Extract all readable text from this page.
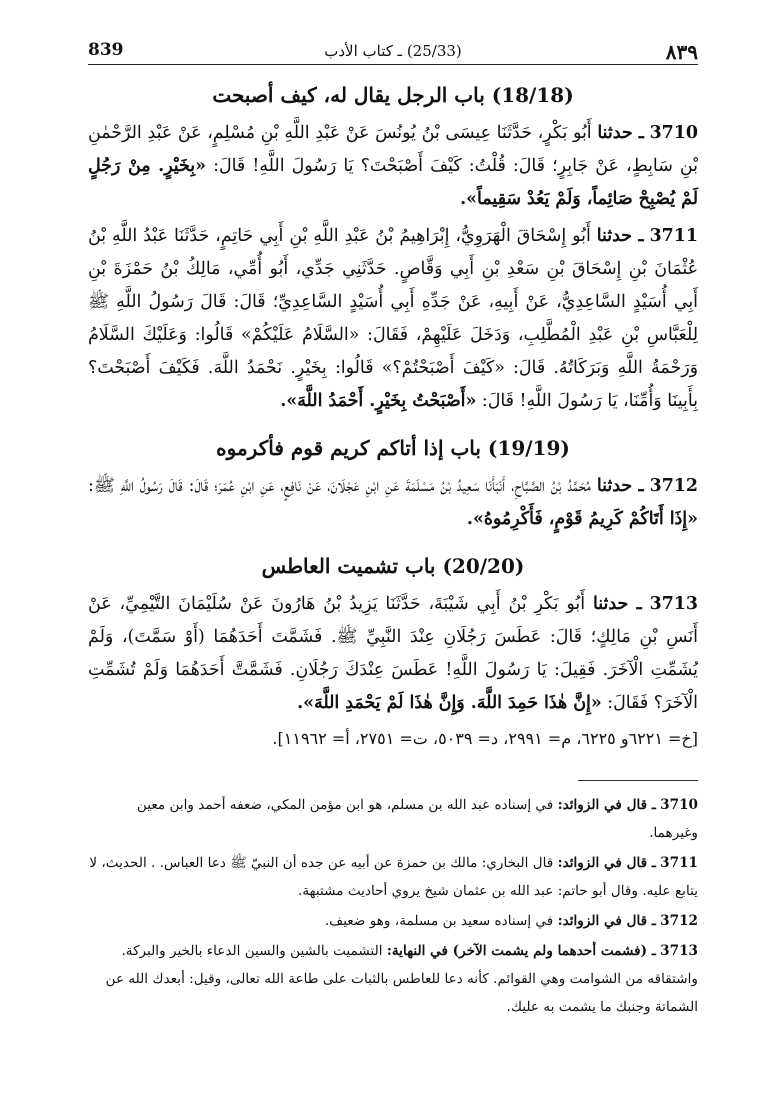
٨٣٩
(25/33) ـ كتاب الأدب
839
(18/18) باب الرجل يقال له، كيف أصبحت

3710 ـ حدثنا أَبُو بَكْرٍ، حَدَّثَنَا عِيسَى بْنُ يُونُسَ عَنْ عَبْدِ اللَّهِ بْنِ مُسْلِمٍ، عَنْ عَبْدِ الرَّحْمٰنِ بْنِ سَابِطٍ، عَنْ جَابِرٍ؛ قَالَ: قُلْتُ: كَيْفَ أَصْبَحْتَ؟ يَا رَسُولَ اللَّهِ! قَالَ: «بِخَيْرٍ. مِنْ رَجُلٍ لَمْ يُصْبِحْ صَائِماً، وَلَمْ يَعُدْ سَقِيماً».

3711 ـ حدثنا أَبُو إِسْحَاقَ الْهَرَوِيُّ، إِبْرَاهِيمُ بْنُ عَبْدِ اللَّهِ بْنِ أَبِي حَاتِمٍ، حَدَّثَنَا عَبْدُ اللَّهِ بْنُ عُثْمَانَ بْنِ إِسْحَاقَ بْنِ سَعْدِ بْنِ أَبِي وَقَّاصٍ. حَدَّثَنِي جَدِّي، أَبُو أُمِّي، مَالِكُ بْنُ حَمْزَةَ بْنِ أَبِي أُسَيْدٍ السَّاعِدِيُّ، عَنْ أَبِيهِ، عَنْ جَدِّهِ أَبِي أُسَيْدٍ السَّاعِدِيِّ؛ قَالَ: قَالَ رَسُولُ اللَّهِ ﷺ لِلْعَبَّاسِ بْنِ عَبْدِ الْمُطَّلِبِ، وَدَخَلَ عَلَيْهِمْ، فَقَالَ: «السَّلَامُ عَلَيْكُمْ» قَالُوا: وَعَلَيْكَ السَّلَامُ وَرَحْمَةُ اللَّهِ وَبَرَكَاتُهُ. قَالَ: «كَيْفَ أَصْبَحْتُمْ؟» قَالُوا: بِخَيْرٍ. نَحْمَدُ اللَّهَ. فَكَيْفَ أَصْبَحْتَ؟ بِأَبِينَا وَأُمِّنَا، يَا رَسُولَ اللَّهِ! قَالَ: «أَصْبَحْتُ بِخَيْرٍ. أَحْمَدُ اللَّهَ».

(19/19) باب إذا أتاكم كريم قوم فأكرموه

3712 ـ حدثنا مُحَمَّدُ بْنُ الصَّبَّاحِ، أَنْبَأَنَا سَعِيدُ بْنُ مَسْلَمَةَ عَنِ ابْنِ عَجْلَانَ، عَنْ نَافِعٍ، عَنِ ابْنِ عُمَرَ؛ قَالَ: قَالَ رَسُولُ اللَّهِ ﷺ: «إِذَا أَتَاكُمْ كَرِيمُ قَوْمٍ، فَأَكْرِمُوهُ».

(20/20) باب تشميت العاطس

3713 ـ حدثنا أَبُو بَكْرِ بْنُ أَبِي شَيْبَةَ، حَدَّثَنَا يَزِيدُ بْنُ هَارُونَ عَنْ سُلَيْمَانَ التَّيْمِيِّ، عَنْ أَنَسِ بْنِ مَالِكٍ؛ قَالَ: عَطَسَ رَجُلَانِ عِنْدَ النَّبِيِّ ﷺ. فَشَمَّتَ أَحَدَهُمَا (أَوْ سَمَّتَ)، وَلَمْ يُشَمِّتِ الْآخَرَ. فَقِيلَ: يَا رَسُولَ اللَّهِ! عَطَسَ عِنْدَكَ رَجُلَانِ. فَشَمَّتَّ أَحَدَهُمَا وَلَمْ تُشَمِّتِ الْآخَرَ؟ فَقَالَ: «إِنَّ هٰذَا حَمِدَ اللَّهَ. وَإِنَّ هٰذَا لَمْ يَحْمَدِ اللَّهَ».

[خ= ٦٢٢١و ٦٢٢٥، م= ٢٩٩١، د= ٥٠٣٩، ت= ٢٧٥١، أ= ١١٩٦٢].

3710 ـ قال في الزوائد: في إسناده عبد الله بن مسلم، هو ابن مؤمن المكي، ضعفه أحمد وابن معين وغيرهما.

3711 ـ قال في الزوائد: قال البخاري: مالك بن حمزة عن أبيه عن جده أن النبيّ ﷺ دعا العباس. . الحديث، لا يتابع عليه. وقال أبو حاتم: عبد الله بن عثمان شيخ يروي أحاديث مشتبهة.

3712 ـ قال في الزوائد: في إسناده سعيد بن مسلمة، وهو ضعيف.

3713 ـ (فشمت أحدهما ولم يشمت الآخر) في النهاية: التشميت بالشين والسين الدعاء بالخير والبركة. واشتقاقه من الشوامت وهي القوائم. كأنه دعا للعاطس بالثبات على طاعة الله تعالى، وقيل: أبعدك الله عن الشماتة وجنبك ما يشمت به عليك.
